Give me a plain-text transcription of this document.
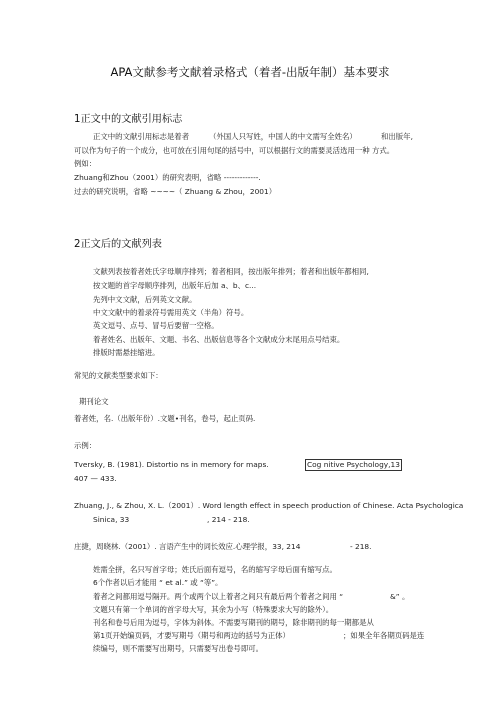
APA文献参考文献着录格式（着者-出版年制）基本要求
1正文中的文献引用标志
正文中的文献引用标志是着者	（外国人只写姓，中国人的中文需写全姓名）	和出版年,
可以作为句子的一个成分，也可放在引用句尾的括号中，可以根据行文的需要灵活选用一种 方式。
例如：
Zhuang和Zhou（2001）的研究表明，省略 -------------.
过去的研究说明，省略 ~~~~（ Zhuang & Zhou，2001）
2正文后的文献列表
文献列表按着者姓氏字母顺序排列；着者相同，按出版年排列；着者和出版年都相同,
按文题的首字母顺序排列，出版年后加 a、b、c...
先列中文文献，后列英文文献。
中文文献中的着录符号需用英文（半角）符号。
英文逗号、点号、冒号后要留一空格。
着者姓名、出版年、文题、书名、出版信息等各个文献成分末尾用点号结束。
排版时需悬挂缩进。
常见的文献类型要求如下：
期刊论文
着者姓，名.（出版年份）.文题•刊名，卷号，起止页码.
示例：
Tversky, B. (1981). Distortio ns in memory for maps.	Cog nitive Psychology,13
407 — 433.
Zhuang, J., & Zhou, X. L.（2001）. Word length effect in speech production of Chinese. Acta Psychologica
Sinica, 33	, 214 - 218.
庄捷，周晓林.（2001）. 言语产生中的词长效应.心理学报，33, 214	- 218.
姓需全拼，名只写首字母；姓氏后面有逗号，名的缩写字母后面有缩写点。
6个作者以后才能用 “ et al.” 或 “等”。
着者之间都用逗号隔开。两个或两个以上着者之间只有最后两个着者之间用 “	&” 。
文题只有第一个单词的首字母大写，其余为小写（特殊要求大写的除外）。
刊名和卷号后用为逗号，字体为斜体。不需要写期刊的期号，除非期刊的每一期都是从
第1页开始编页码，才要写期号（期号和两边的括号为正体）	；如果全年各期页码是连
续编号，则不需要写出期号，只需要写出卷号即可。
